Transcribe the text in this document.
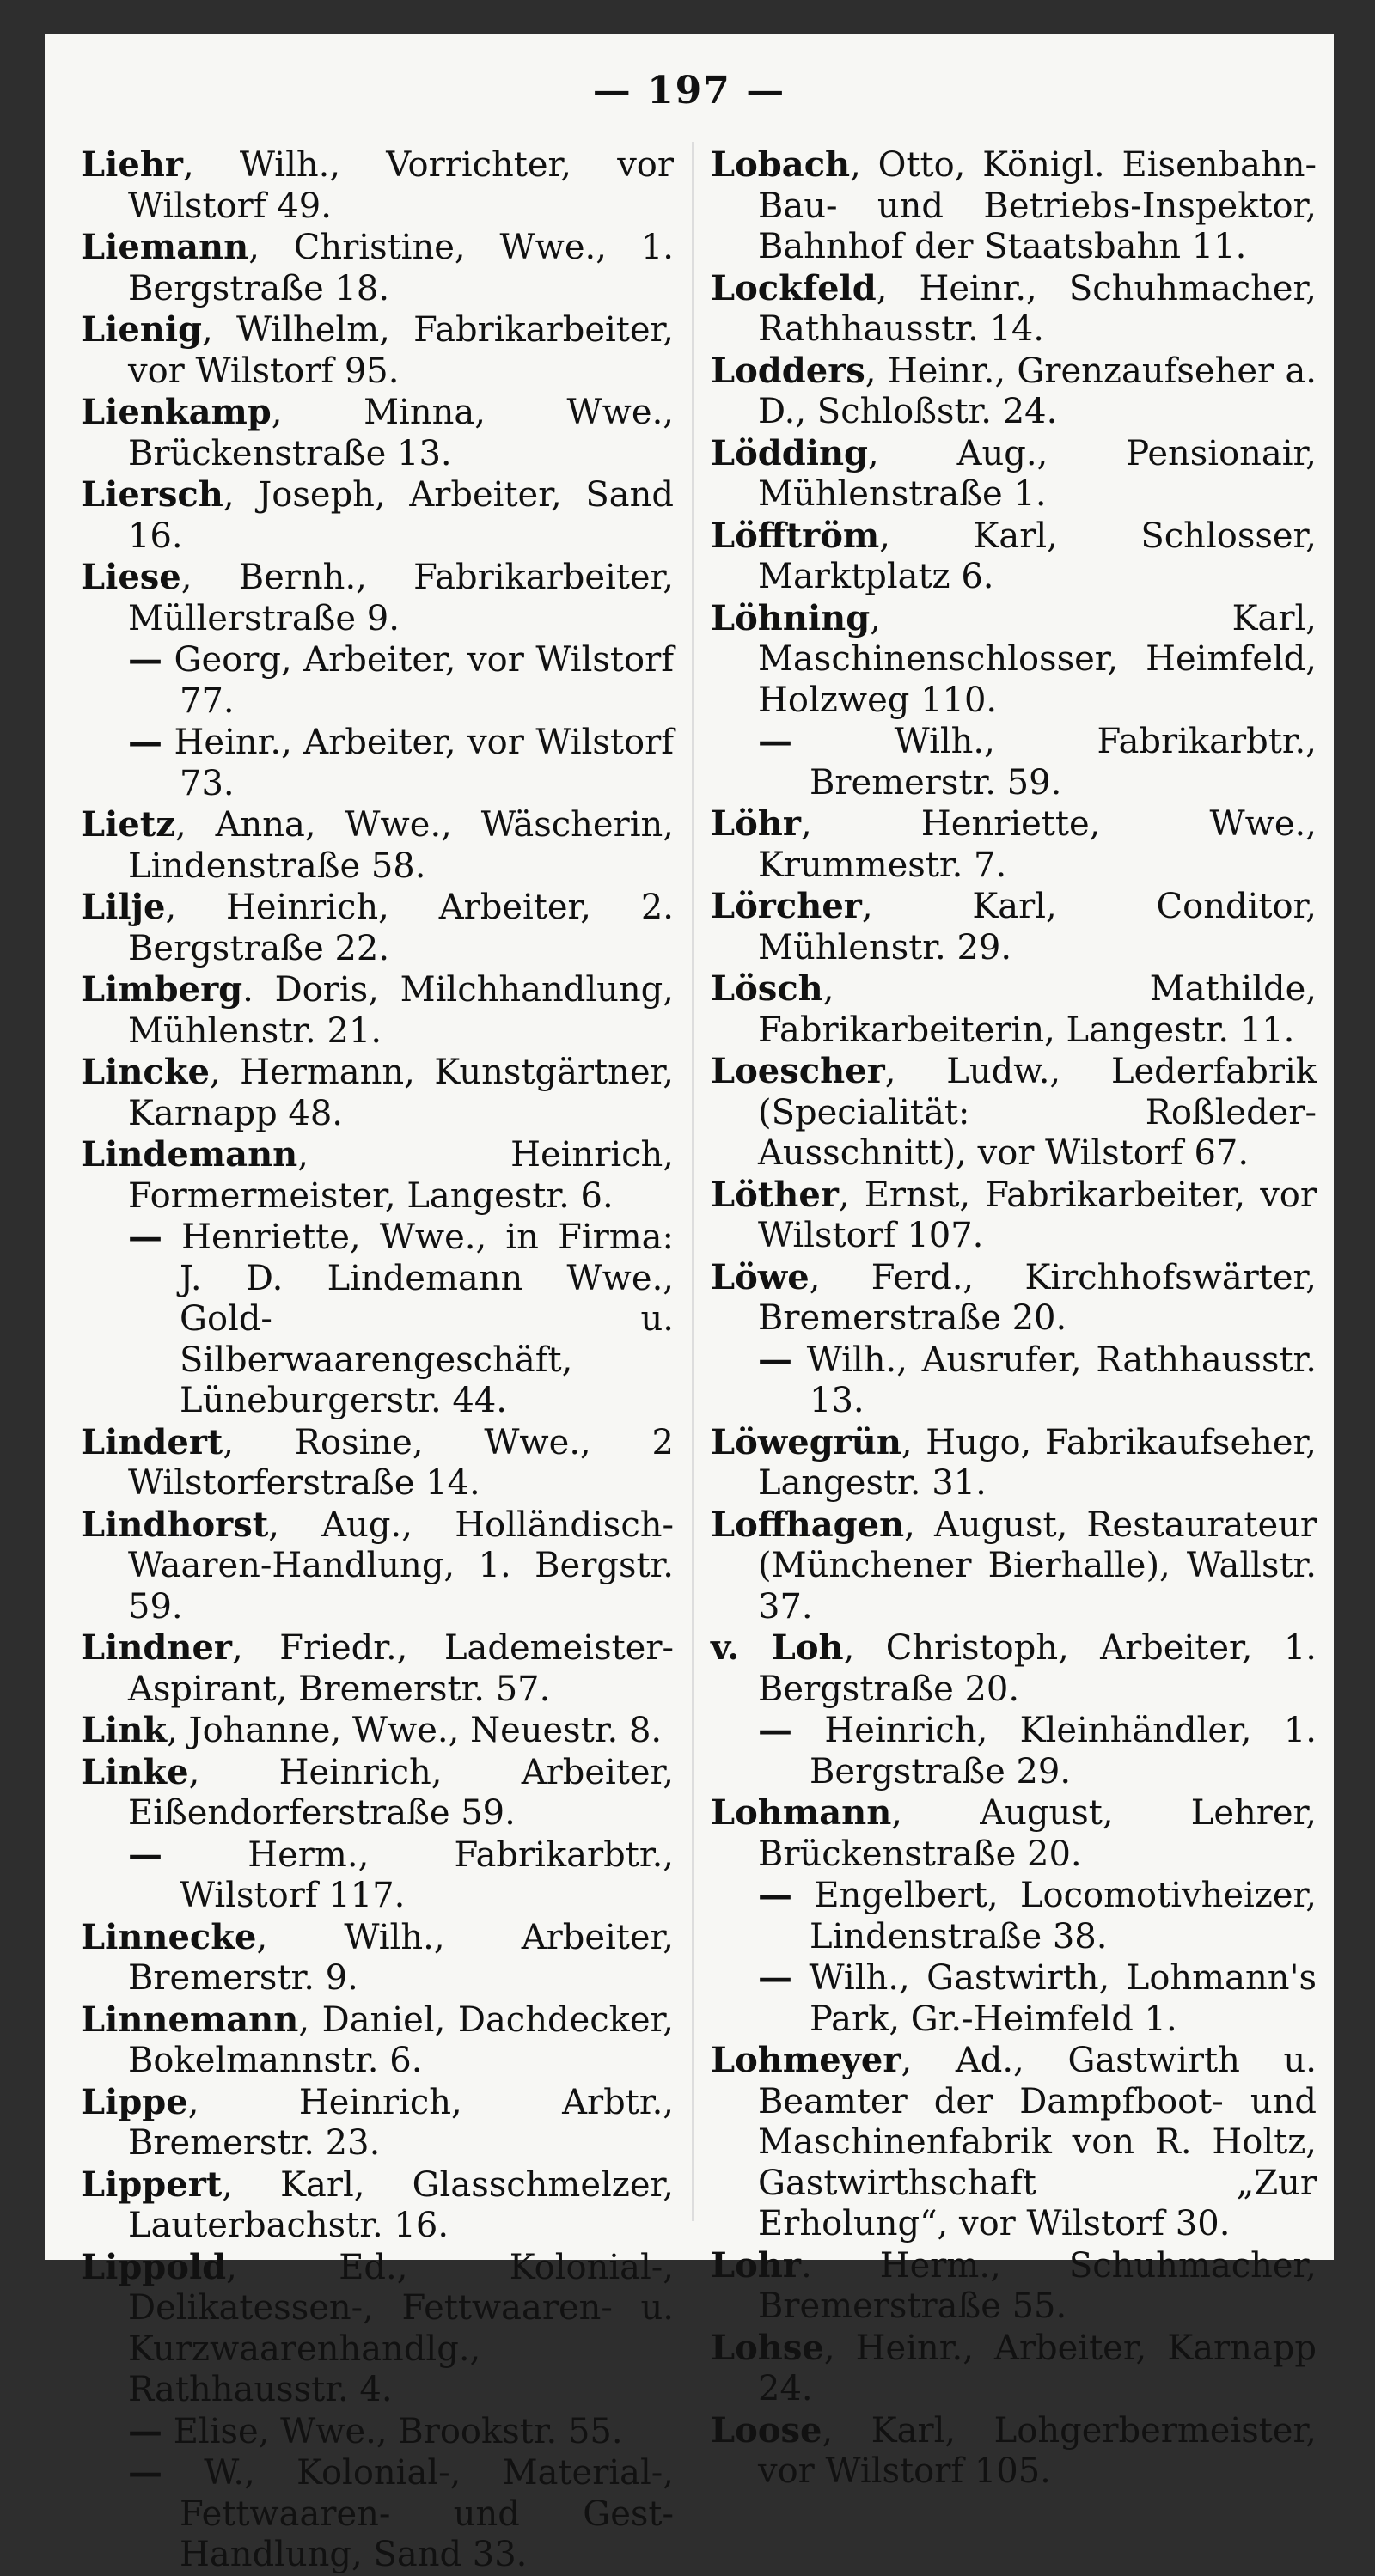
— 197 —

Liehr, Wilh., Vorrichter, vor Wilstorf 49.

Liemann, Christine, Wwe., 1. Bergstraße 18.

Lienig, Wilhelm, Fabrikarbeiter, vor Wilstorf 95.

Lienkamp, Minna, Wwe., Brückenstraße 13.

Liersch, Joseph, Arbeiter, Sand 16.

Liese, Bernh., Fabrikarbeiter, Müllerstraße 9.

— Georg, Arbeiter, vor Wilstorf 77.

— Heinr., Arbeiter, vor Wilstorf 73.

Lietz, Anna, Wwe., Wäscherin, Lindenstraße 58.

Lilje, Heinrich, Arbeiter, 2. Bergstraße 22.

Limberg. Doris, Milchhandlung, Mühlenstr. 21.

Lincke, Hermann, Kunstgärtner, Karnapp 48.

Lindemann, Heinrich, Formermeister, Langestr. 6.

— Henriette, Wwe., in Firma: J. D. Lindemann Wwe., Gold- u. Silberwaarengeschäft, Lüneburgerstr. 44.

Lindert, Rosine, Wwe., 2 Wilstorferstraße 14.

Lindhorst, Aug., Holländisch-Waaren-Handlung, 1. Bergstr. 59.

Lindner, Friedr., Lademeister-Aspirant, Bremerstr. 57.

Link, Johanne, Wwe., Neuestr. 8.

Linke, Heinrich, Arbeiter, Eißendorferstraße 59.

— Herm., Fabrikarbtr., Wilstorf 117.

Linnecke, Wilh., Arbeiter, Bremerstr. 9.

Linnemann, Daniel, Dachdecker, Bokelmannstr. 6.

Lippe, Heinrich, Arbtr., Bremerstr. 23.

Lippert, Karl, Glasschmelzer, Lauterbachstr. 16.

Lippold, Ed., Kolonial-, Delikatessen-, Fettwaaren- u. Kurzwaarenhandlg., Rathhausstr. 4.

— Elise, Wwe., Brookstr. 55.

— W., Kolonial-, Material-, Fettwaaren- und Gest-Handlung, Sand 33.

Lobach, Otto, Königl. Eisenbahn-Bau- und Betriebs-Inspektor, Bahnhof der Staatsbahn 11.

Lockfeld, Heinr., Schuhmacher, Rathhausstr. 14.

Lodders, Heinr., Grenzaufseher a. D., Schloßstr. 24.

Lödding, Aug., Pensionair, Mühlenstraße 1.

Löfftröm, Karl, Schlosser, Marktplatz 6.

Löhning, Karl, Maschinenschlosser, Heimfeld, Holzweg 110.

— Wilh., Fabrikarbtr., Bremerstr. 59.

Löhr, Henriette, Wwe., Krummestr. 7.

Lörcher, Karl, Conditor, Mühlenstr. 29.

Lösch, Mathilde, Fabrikarbeiterin, Langestr. 11.

Loescher, Ludw., Lederfabrik (Specialität: Roßleder-Ausschnitt), vor Wilstorf 67.

Löther, Ernst, Fabrikarbeiter, vor Wilstorf 107.

Löwe, Ferd., Kirchhofswärter, Bremerstraße 20.

— Wilh., Ausrufer, Rathhausstr. 13.

Löwegrün, Hugo, Fabrikaufseher, Langestr. 31.

Loffhagen, August, Restaurateur (Münchener Bierhalle), Wallstr. 37.

v. Loh, Christoph, Arbeiter, 1. Bergstraße 20.

— Heinrich, Kleinhändler, 1. Bergstraße 29.

Lohmann, August, Lehrer, Brückenstraße 20.

— Engelbert, Locomotivheizer, Lindenstraße 38.

— Wilh., Gastwirth, Lohmann's Park, Gr.-Heimfeld 1.

Lohmeyer, Ad., Gastwirth u. Beamter der Dampfboot- und Maschinenfabrik von R. Holtz, Gastwirthschaft „Zur Erholung“, vor Wilstorf 30.

Lohr. Herm., Schuhmacher, Bremerstraße 55.

Lohse, Heinr., Arbeiter, Karnapp 24.

Loose, Karl, Lohgerbermeister, vor Wilstorf 105.
